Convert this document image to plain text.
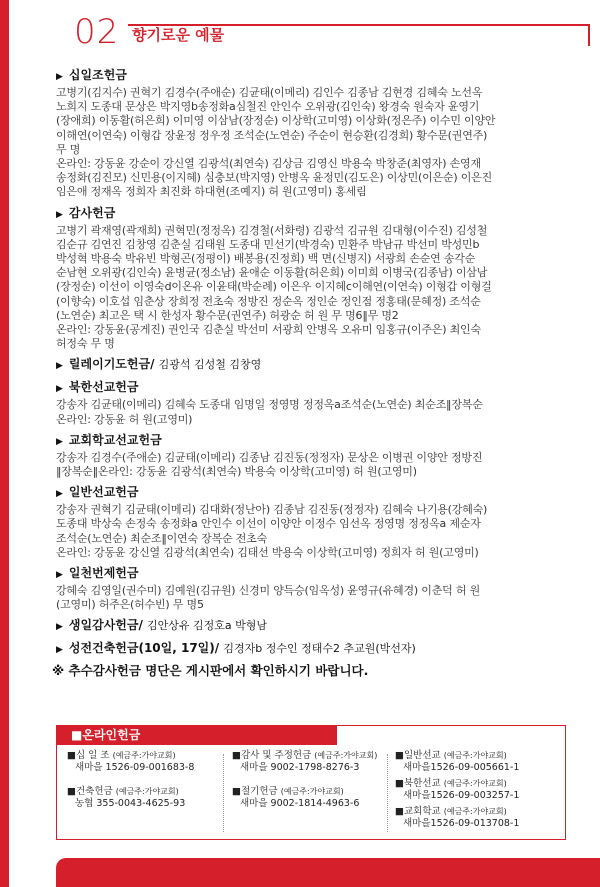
02 향기로운 예물
▶ 십일조헌금
고병기(김지수) 권혁기 김경수(주애순) 김균태(이메리) 김인수 김종남 김현경 김혜숙 노선옥
노희지 도종대 문상은 박지영b송정화a심철진 안인수 오위광(김인숙) 왕경숙 원숙자 윤영기
(장애희) 이동활(허은희) 이미영 이삼남(장정순) 이상학(고미영) 이상화(정은주) 이수민 이양안
이해연(이연숙) 이형갑 장윤정 정우정 조석순(노연순) 주순이 현승환(김경희) 황수문(권연주)
무 명
온라인: 강동윤 강순이 강신열 김광석(최연숙) 김상금 김영신 박용숙 박창준(최영자) 손영재
송정화(김진모) 신민용(이지혜) 심충보(박지영) 안병옥 윤정민(김도은) 이상민(이은순) 이은진
임은애 정재옥 정희자 최진화 하대현(조예지) 허 원(고영미) 홍세림
▶ 감사헌금
고병기 곽재영(곽재희) 권혁민(정정옥) 김경철(서화령) 김광석 김규원 김대형(이수진) 김성철
김순규 김연진 김창영 김춘실 김태원 도종대 민선기(박경숙) 민환주 박남규 박선미 박성민b
박성혁 박용숙 박유빈 박형곤(정평이) 배봉용(진정희) 백 면(신병지) 서광희 손순연 송각순
순남현 오위광(김인숙) 윤병균(정소남) 윤애순 이동활(허은희) 이미희 이병국(김종남) 이삼남
(장정순) 이선이 이영숙d이온유 이윤태(박순례) 이은우 이지혜c이해연(이연숙) 이형갑 이형걸
(이향숙) 이호섭 임춘상 장희정 전초숙 정방진 정순옥 정인순 정인점 정홍태(문혜정) 조석순
(노연순) 최고은 택 시 한성자 황수문(권연주) 허광순 허 원 무 명6‖무 명2
온라인: 강동윤(공게진) 권인국 김춘실 박선미 서광희 안병옥 오유미 임홍규(이주은) 최인숙
허정숙 무 명
▶ 릴레이기도헌금/ 김광석 김성철 김창영
▶ 북한선교헌금
강송자 김균태(이메리) 김혜숙 도종대 임명일 정영명 정정옥a조석순(노연순) 최순조‖장복순
온라인: 강동윤 허 원(고영미)
▶ 교회학교선교헌금
강송자 김경수(주애순) 김균태(이메리) 김종남 김진동(정정자) 문상은 이병권 이양안 정방진
‖장복순‖온라인: 강동윤 김광석(최연숙) 박용숙 이상학(고미영) 허 원(고영미)
▶ 일반선교헌금
강송자 권혁기 김균태(이메리) 김대화(정난아) 김종남 김진동(정정자) 김혜숙 나기용(강혜숙)
도종대 박상숙 손정숙 송정화a 안인수 이선이 이양안 이정수 임선옥 정영명 정정옥a 제순자
조석순(노연순) 최순조‖이연숙 장복순 전초숙
온라인: 강동윤 강신열 김광석(최연숙) 김태선 박용숙 이상학(고미영) 정희자 허 원(고영미)
▶ 일천번제헌금
강혜숙 김영일(권수미) 김예원(김규원) 신경미 양득승(임옥성) 윤영규(유혜경) 이춘덕 허 원
(고영미) 허주은(허수빈) 무 명5
▶ 생일감사헌금/ 김안상유 김정호a 박형남
▶ 성전건축헌금(10일, 17일)/ 김경자b 정수인 정태수2 추교원(박선자)
※ 추수감사헌금 명단은 게시판에서 확인하시기 바랍니다.
■온라인헌금
■십 일 조 (예금주:가야교회)
새마을 1526-09-001683-8
■건축헌금 (예금주:가야교회)
농협 355-0043-4625-93
■감사 및 주정헌금 (예금주:가야교회)
새마을 9002-1798-8276-3
■절기헌금 (예금주:가야교회)
새마을 9002-1814-4963-6
■일반선교 (예금주:가야교회)
새마을1526-09-005661-1
■북한선교 (예금주:가야교회)
새마을1526-09-003257-1
■교회학교 (예금주:가야교회)
새마을1526-09-013708-1
